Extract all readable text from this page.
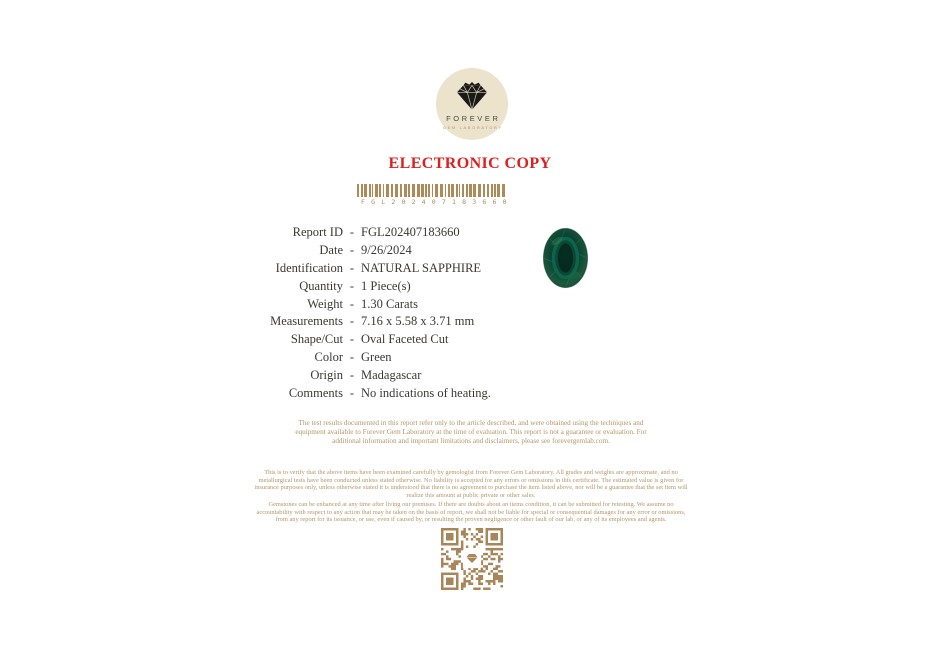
FOREVER
GEM LABORATORY
ELECTRONIC COPY
FGL202407183660
Report ID - FGL202407183660
Date - 9/26/2024
Identification - NATURAL SAPPHIRE
Quantity - 1 Piece(s)
Weight - 1.30 Carats
Measurements - 7.16 x 5.58 x 3.71 mm
Shape/Cut - Oval Faceted Cut
Color - Green
Origin - Madagascar
Comments - No indications of heating.
The test results documented in this report refer only to the article described, and were obtained using the techniques and equipment available to Forever Gem Laboratory at the time of evaluation. This report is not a guarantee or evaluation. For additional information and important limitations and disclaimers, please see forevergemlab.com.
This is to verify that the above items have been examined carefully by gemologist from Forever Gem Laboratory. All grades and weights are approximate, and no metallurgical tests have been conducted unless stated otherwise. No liability is accepted for any errors or omissions in this certificate. The estimated value is given for insurance purposes only, unless otherwise stated it is understood that there is no agreement to purchase the item listed above, nor will be a guarantee that the set item will realize this amount at public private or other sales.
Gemstones can be enhanced at any time after living our premises. If there are doubts about an items condition, it can be submitted for retesting. We assume no accountability with respect to any action that may be taken on the basis of report, we shall not be liable for special or consequential damages for any error or omissions, from any report for its issuance, or use, even if caused by, or resulting the proven negligence or other fault of our lab, or any of its employees and agents.
